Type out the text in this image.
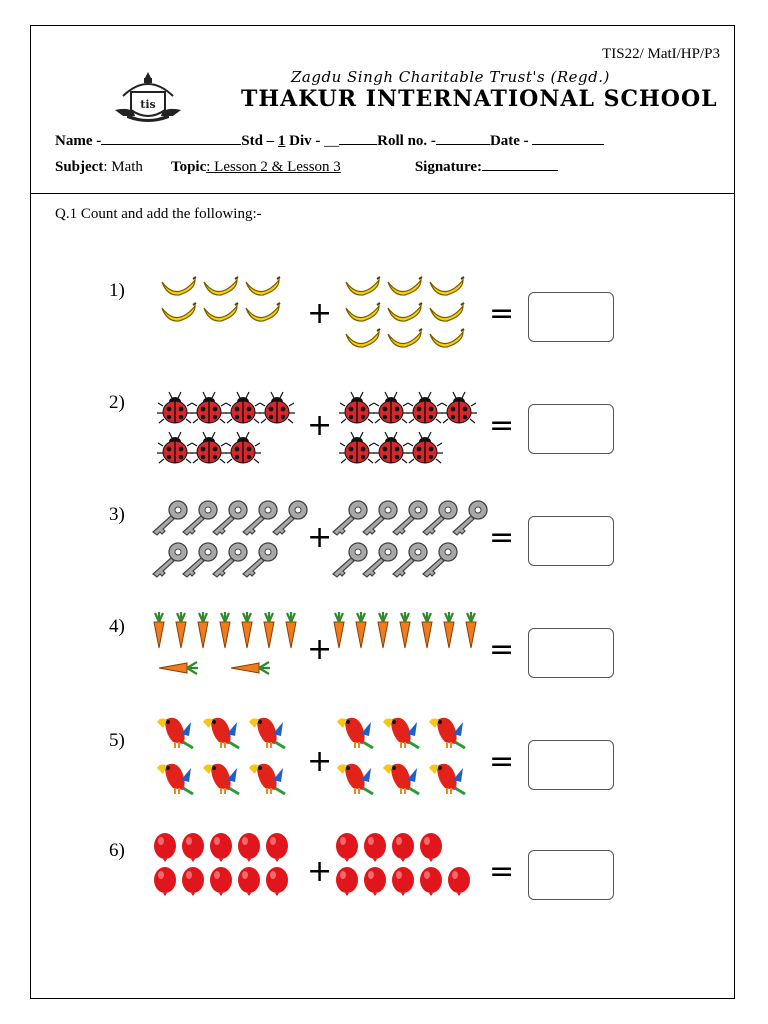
TIS22/ MatI/HP/P3
tis
Zagdu Singh Charitable Trust's (Regd.)
THAKUR INTERNATIONAL SCHOOL
Name -	Std – 1 Div - __	Roll no. -	Date -
Subject: Math Topic: Lesson 2 & Lesson 3	Signature:
Q.1 Count and add the following:-
1)
+	=
2)
+	=
3)
+	=
4)
+	=
5)
+	=
6)
+	=
